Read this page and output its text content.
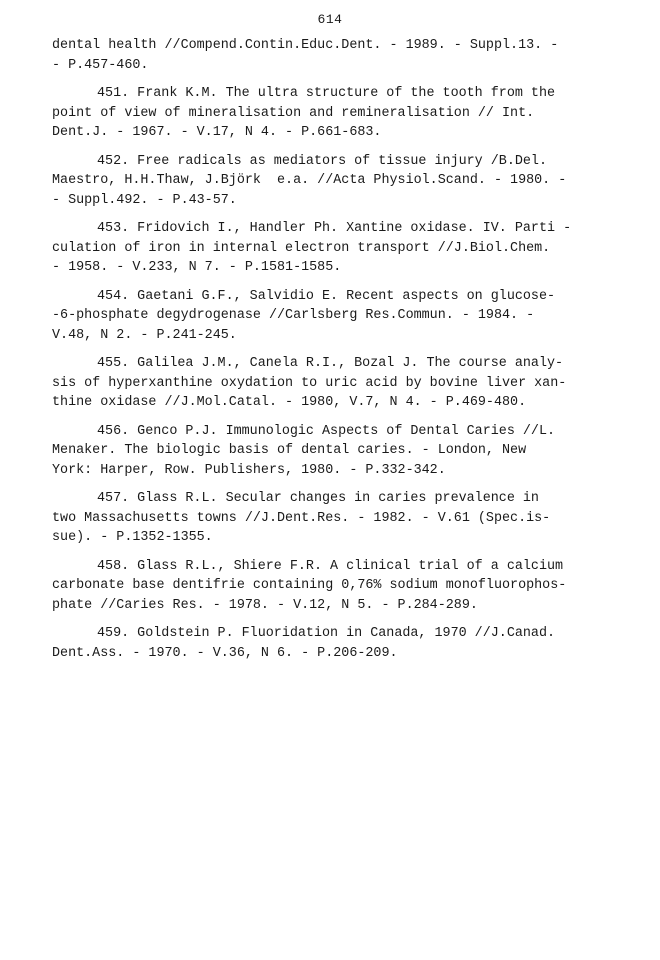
614
dental health //Compend.Contin.Educ.Dent. - 1989. - Suppl.13. -
- P.457-460.
451. Frank K.M. The ultra structure of the tooth from the
point of view of mineralisation and remineralisation // Int.
Dent.J. - 1967. - V.17, N 4. - P.661-683.
452. Free radicals as mediators of tissue injury /B.Del.
Maestro, H.H.Thaw, J.Björk  e.a. //Acta Physiol.Scand. - 1980. -
- Suppl.492. - P.43-57.
453. Fridovich I., Handler Ph. Xantine oxidase. IV. Parti -
culation of iron in internal electron transport //J.Biol.Chem.
- 1958. - V.233, N 7. - P.1581-1585.
454. Gaetani G.F., Salvidio E. Recent aspects on glucose-
-6-phosphate degydrogenase //Carlsberg Res.Commun. - 1984. -
V.48, N 2. - P.241-245.
455. Galilea J.M., Canela R.I., Bozal J. The course analy-
sis of hyperxanthine oxydation to uric acid by bovine liver xan-
thine oxidase //J.Mol.Catal. - 1980, V.7, N 4. - P.469-480.
456. Genco P.J. Immunologic Aspects of Dental Caries //L.
Menaker. The biologic basis of dental caries. - London, New
York: Harper, Row. Publishers, 1980. - P.332-342.
457. Glass R.L. Secular changes in caries prevalence in
two Massachusetts towns //J.Dent.Res. - 1982. - V.61 (Spec.is-
sue). - P.1352-1355.
458. Glass R.L., Shiere F.R. A clinical trial of a calcium
carbonate base dentifrie containing 0,76% sodium monofluorophos-
phate //Caries Res. - 1978. - V.12, N 5. - P.284-289.
459. Goldstein P. Fluoridation in Canada, 1970 //J.Canad.
Dent.Ass. - 1970. - V.36, N 6. - P.206-209.
